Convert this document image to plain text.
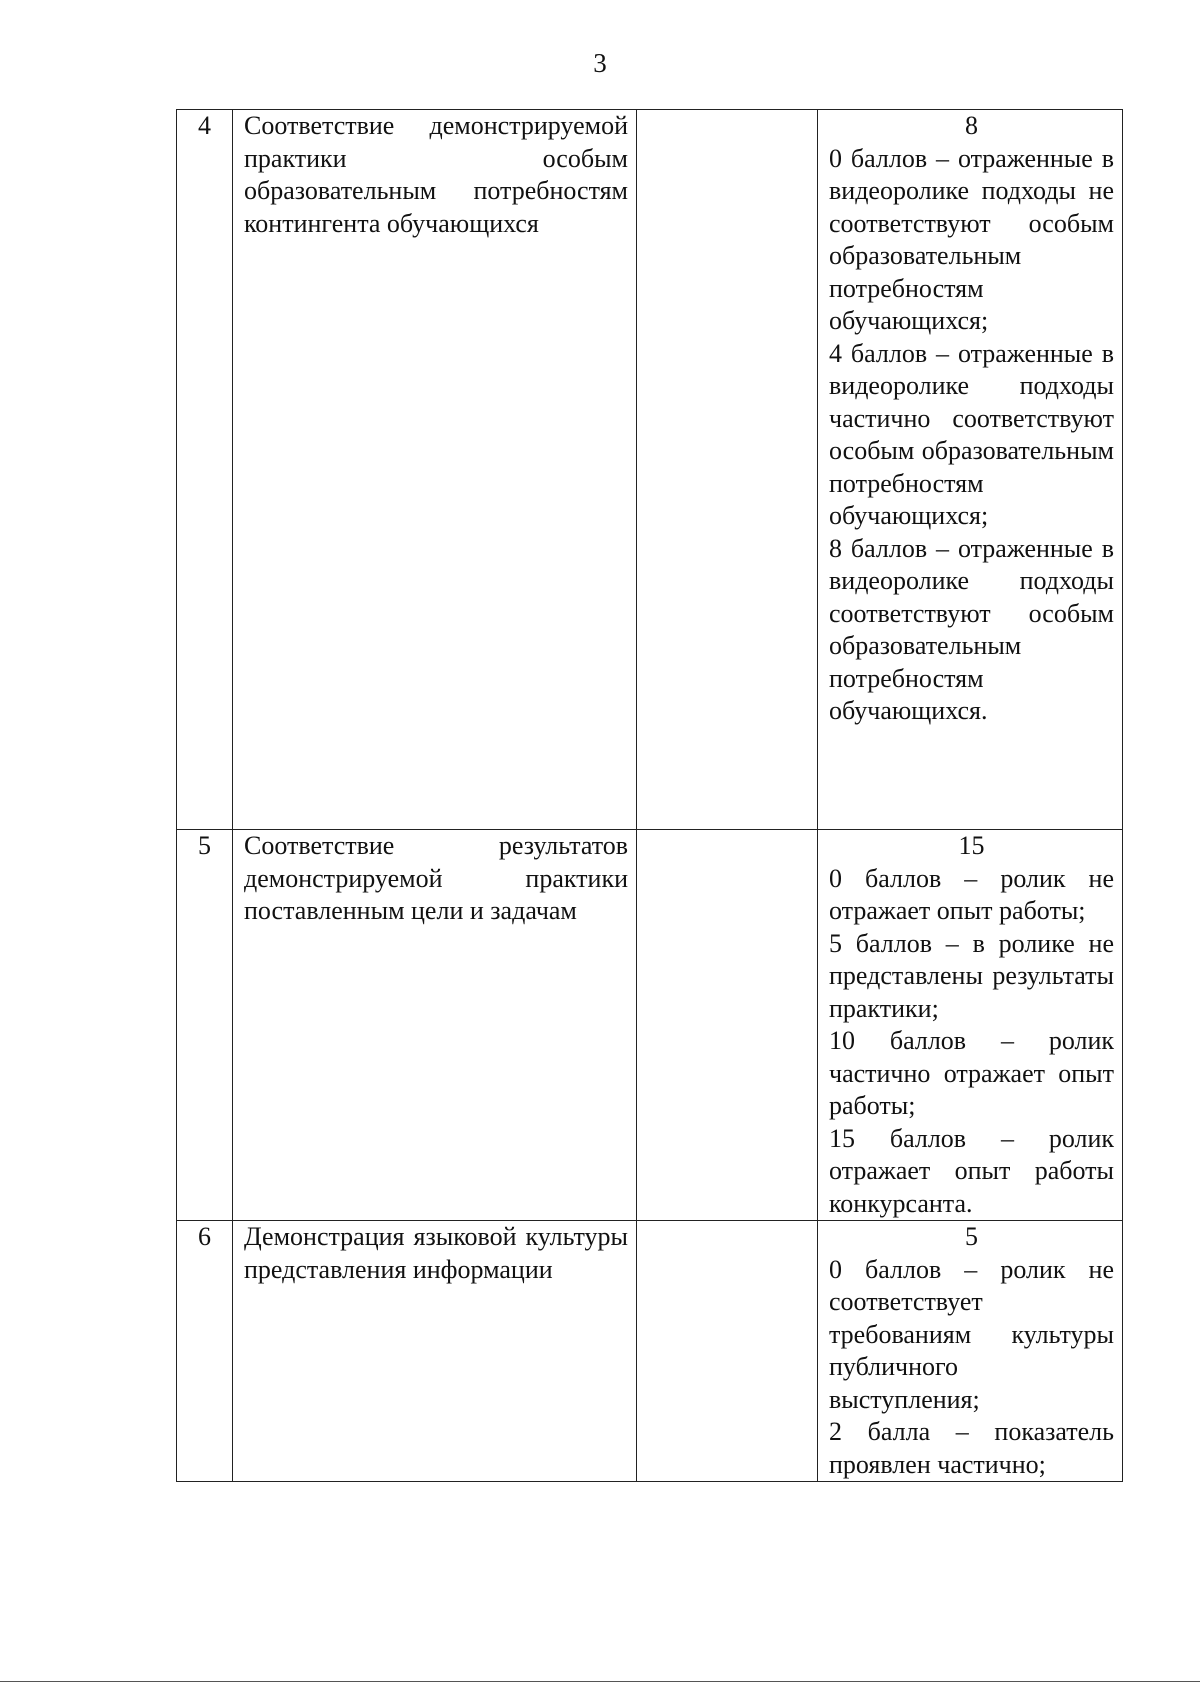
3
4	Соответствие демонстрируемой практики особым образовательным потребностям контингента обучающихся		8
0 баллов – отраженные в видеоролике подходы не соответствуют особым образовательным потребностям обучающихся;
4 баллов – отраженные в видеоролике подходы частично соответствуют особым образовательным потребностям обучающихся;
8 баллов – отраженные в видеоролике подходы соответствуют особым образовательным потребностям обучающихся.

5	Соответствие результатов демонстрируемой практики поставленным цели и задачам		15
0 баллов – ролик не отражает опыт работы;
5 баллов – в ролике не представлены результаты практики;
10 баллов – ролик частично отражает опыт работы;
15 баллов – ролик отражает опыт работы конкурсанта.

6	Демонстрация языковой культуры представления информации		5
0 баллов – ролик не соответствует требованиям культуры публичного выступления;
2 балла – показатель проявлен частично;
